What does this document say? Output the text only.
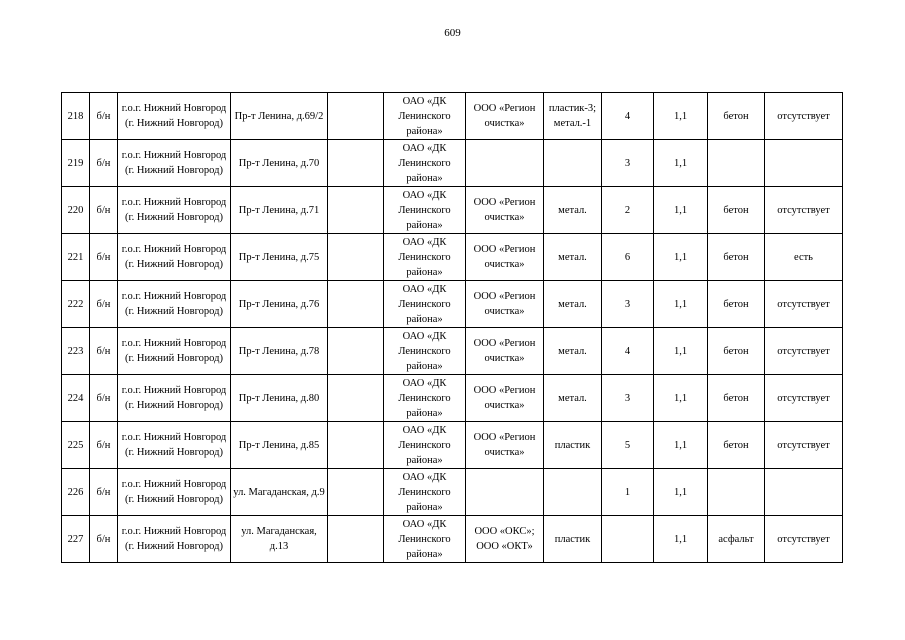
609
218	б/н	г.о.г. Нижний Новгород (г. Нижний Новгород)	Пр-т Ленина, д.69/2		ОАО «ДК Ленинского района»	ООО «Регион очистка»	пластик-3; метал.-1	4	1,1	бетон	отсутствует
219	б/н	г.о.г. Нижний Новгород (г. Нижний Новгород)	Пр-т Ленина, д.70		ОАО «ДК Ленинского района»			3	1,1		
220	б/н	г.о.г. Нижний Новгород (г. Нижний Новгород)	Пр-т Ленина, д.71		ОАО «ДК Ленинского района»	ООО «Регион очистка»	метал.	2	1,1	бетон	отсутствует
221	б/н	г.о.г. Нижний Новгород (г. Нижний Новгород)	Пр-т Ленина, д.75		ОАО «ДК Ленинского района»	ООО «Регион очистка»	метал.	6	1,1	бетон	есть
222	б/н	г.о.г. Нижний Новгород (г. Нижний Новгород)	Пр-т Ленина, д.76		ОАО «ДК Ленинского района»	ООО «Регион очистка»	метал.	3	1,1	бетон	отсутствует
223	б/н	г.о.г. Нижний Новгород (г. Нижний Новгород)	Пр-т Ленина, д.78		ОАО «ДК Ленинского района»	ООО «Регион очистка»	метал.	4	1,1	бетон	отсутствует
224	б/н	г.о.г. Нижний Новгород (г. Нижний Новгород)	Пр-т Ленина, д.80		ОАО «ДК Ленинского района»	ООО «Регион очистка»	метал.	3	1,1	бетон	отсутствует
225	б/н	г.о.г. Нижний Новгород (г. Нижний Новгород)	Пр-т Ленина, д.85		ОАО «ДК Ленинского района»	ООО «Регион очистка»	пластик	5	1,1	бетон	отсутствует
226	б/н	г.о.г. Нижний Новгород (г. Нижний Новгород)	ул. Магаданская, д.9		ОАО «ДК Ленинского района»			1	1,1		
227	б/н	г.о.г. Нижний Новгород (г. Нижний Новгород)	ул. Магаданская, д.13		ОАО «ДК Ленинского района»	ООО «ОКС»; ООО «ОКТ»	пластик		1,1	асфальт	отсутствует
